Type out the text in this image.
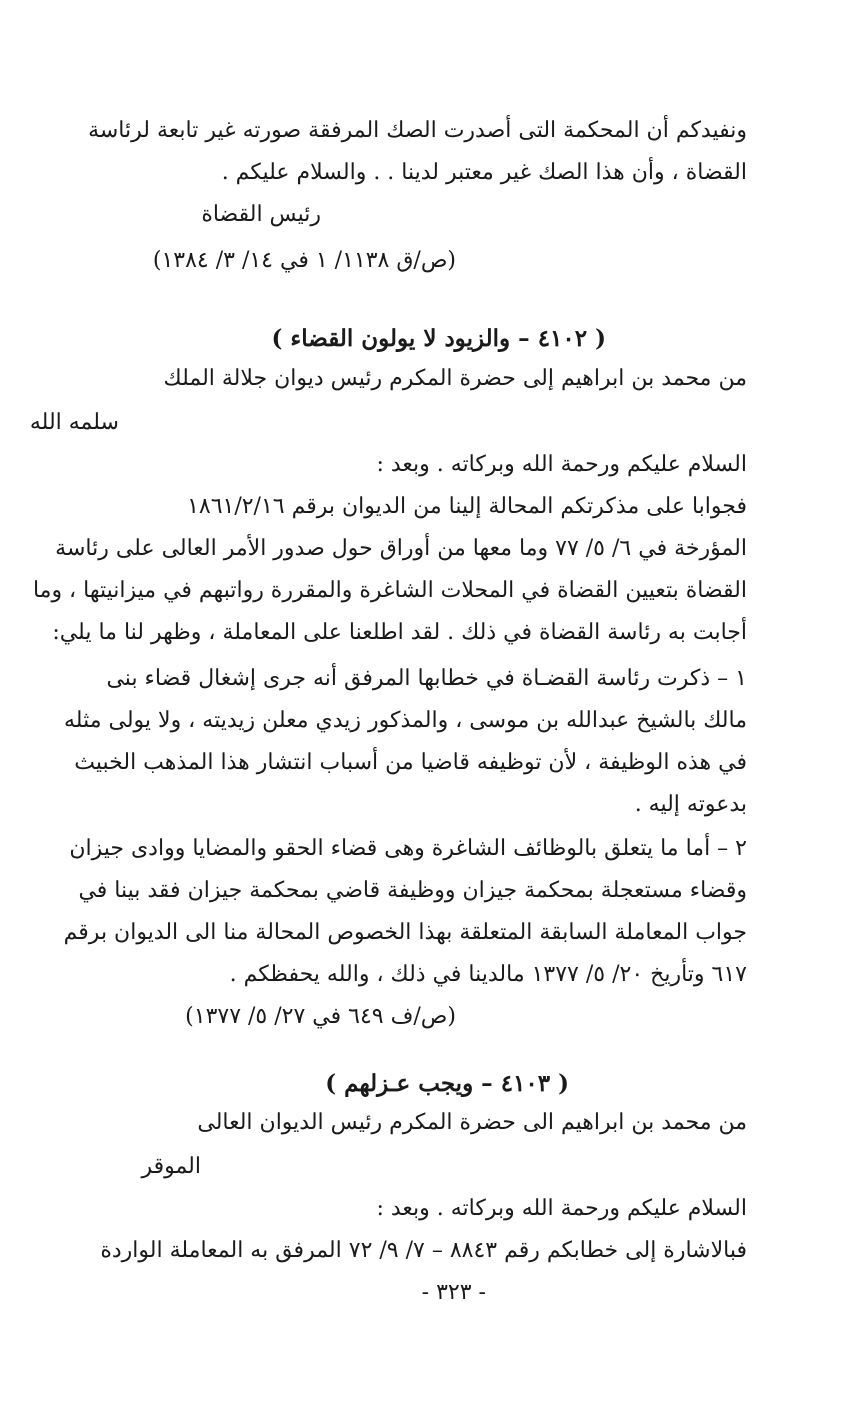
ونفيدكم أن المحكمة التى أصدرت الصك المرفقة صورته غير تابعة لرئاسة
القضاة ، وأن هذا الصك غير معتبر لدينا . . والسلام عليكم .
رئيس القضاة
(ص/ق ١١٣٨/ ١ في ١٤/ ٣/ ١٣٨٤)
( ٤١٠٢ – والزيود لا يولون القضاء )
من محمد بن ابراهيم إلى حضرة المكرم رئيس ديوان جلالة الملك
سلمه الله
السلام عليكم ورحمة الله وبركاته . وبعد :
فجوابا على مذكرتكم المحالة إلينا من الديوان برقم ١٨٦١/٢/١٦
المؤرخة في ٦/ ٥/ ٧٧ وما معها من أوراق حول صدور الأمر العالى على رئاسة
القضاة بتعيين القضاة في المحلات الشاغرة والمقررة رواتبهم في ميزانيتها ، وما
أجابت به رئاسة القضاة في ذلك . لقد اطلعنا على المعاملة ، وظهر لنا ما يلي:
١ – ذكرت رئاسة القضـاة في خطابها المرفق أنه جرى إشغال قضاء بنى
مالك بالشيخ عبدالله بن موسى ، والمذكور زيدي معلن زيديته ، ولا يولى مثله
في هذه الوظيفة ، لأن توظيفه قاضيا من أسباب انتشار هذا المذهب الخبيث
بدعوته إليه .
٢ – أما ما يتعلق بالوظائف الشاغرة وهى قضاء الحقو والمضايا ووادى جيزان
وقضاء مستعجلة بمحكمة جيزان ووظيفة قاضي بمحكمة جيزان فقد بينا في
جواب المعاملة السابقة المتعلقة بهذا الخصوص المحالة منا الى الديوان برقم
٦١٧ وتأريخ ٢٠/ ٥/ ١٣٧٧ مالدينا في ذلك ، والله يحفظكم .
(ص/ف ٦٤٩ في ٢٧/ ٥/ ١٣٧٧)
( ٤١٠٣ – ويجب عـزلهم )
من محمد بن ابراهيم الى حضرة المكرم رئيس الديوان العالى
الموقر
السلام عليكم ورحمة الله وبركاته . وبعد :
فبالاشارة إلى خطابكم رقم ٨٨٤٣ – ٧/ ٩/ ٧٢ المرفق به المعاملة الواردة
- ٣٢٣ -
